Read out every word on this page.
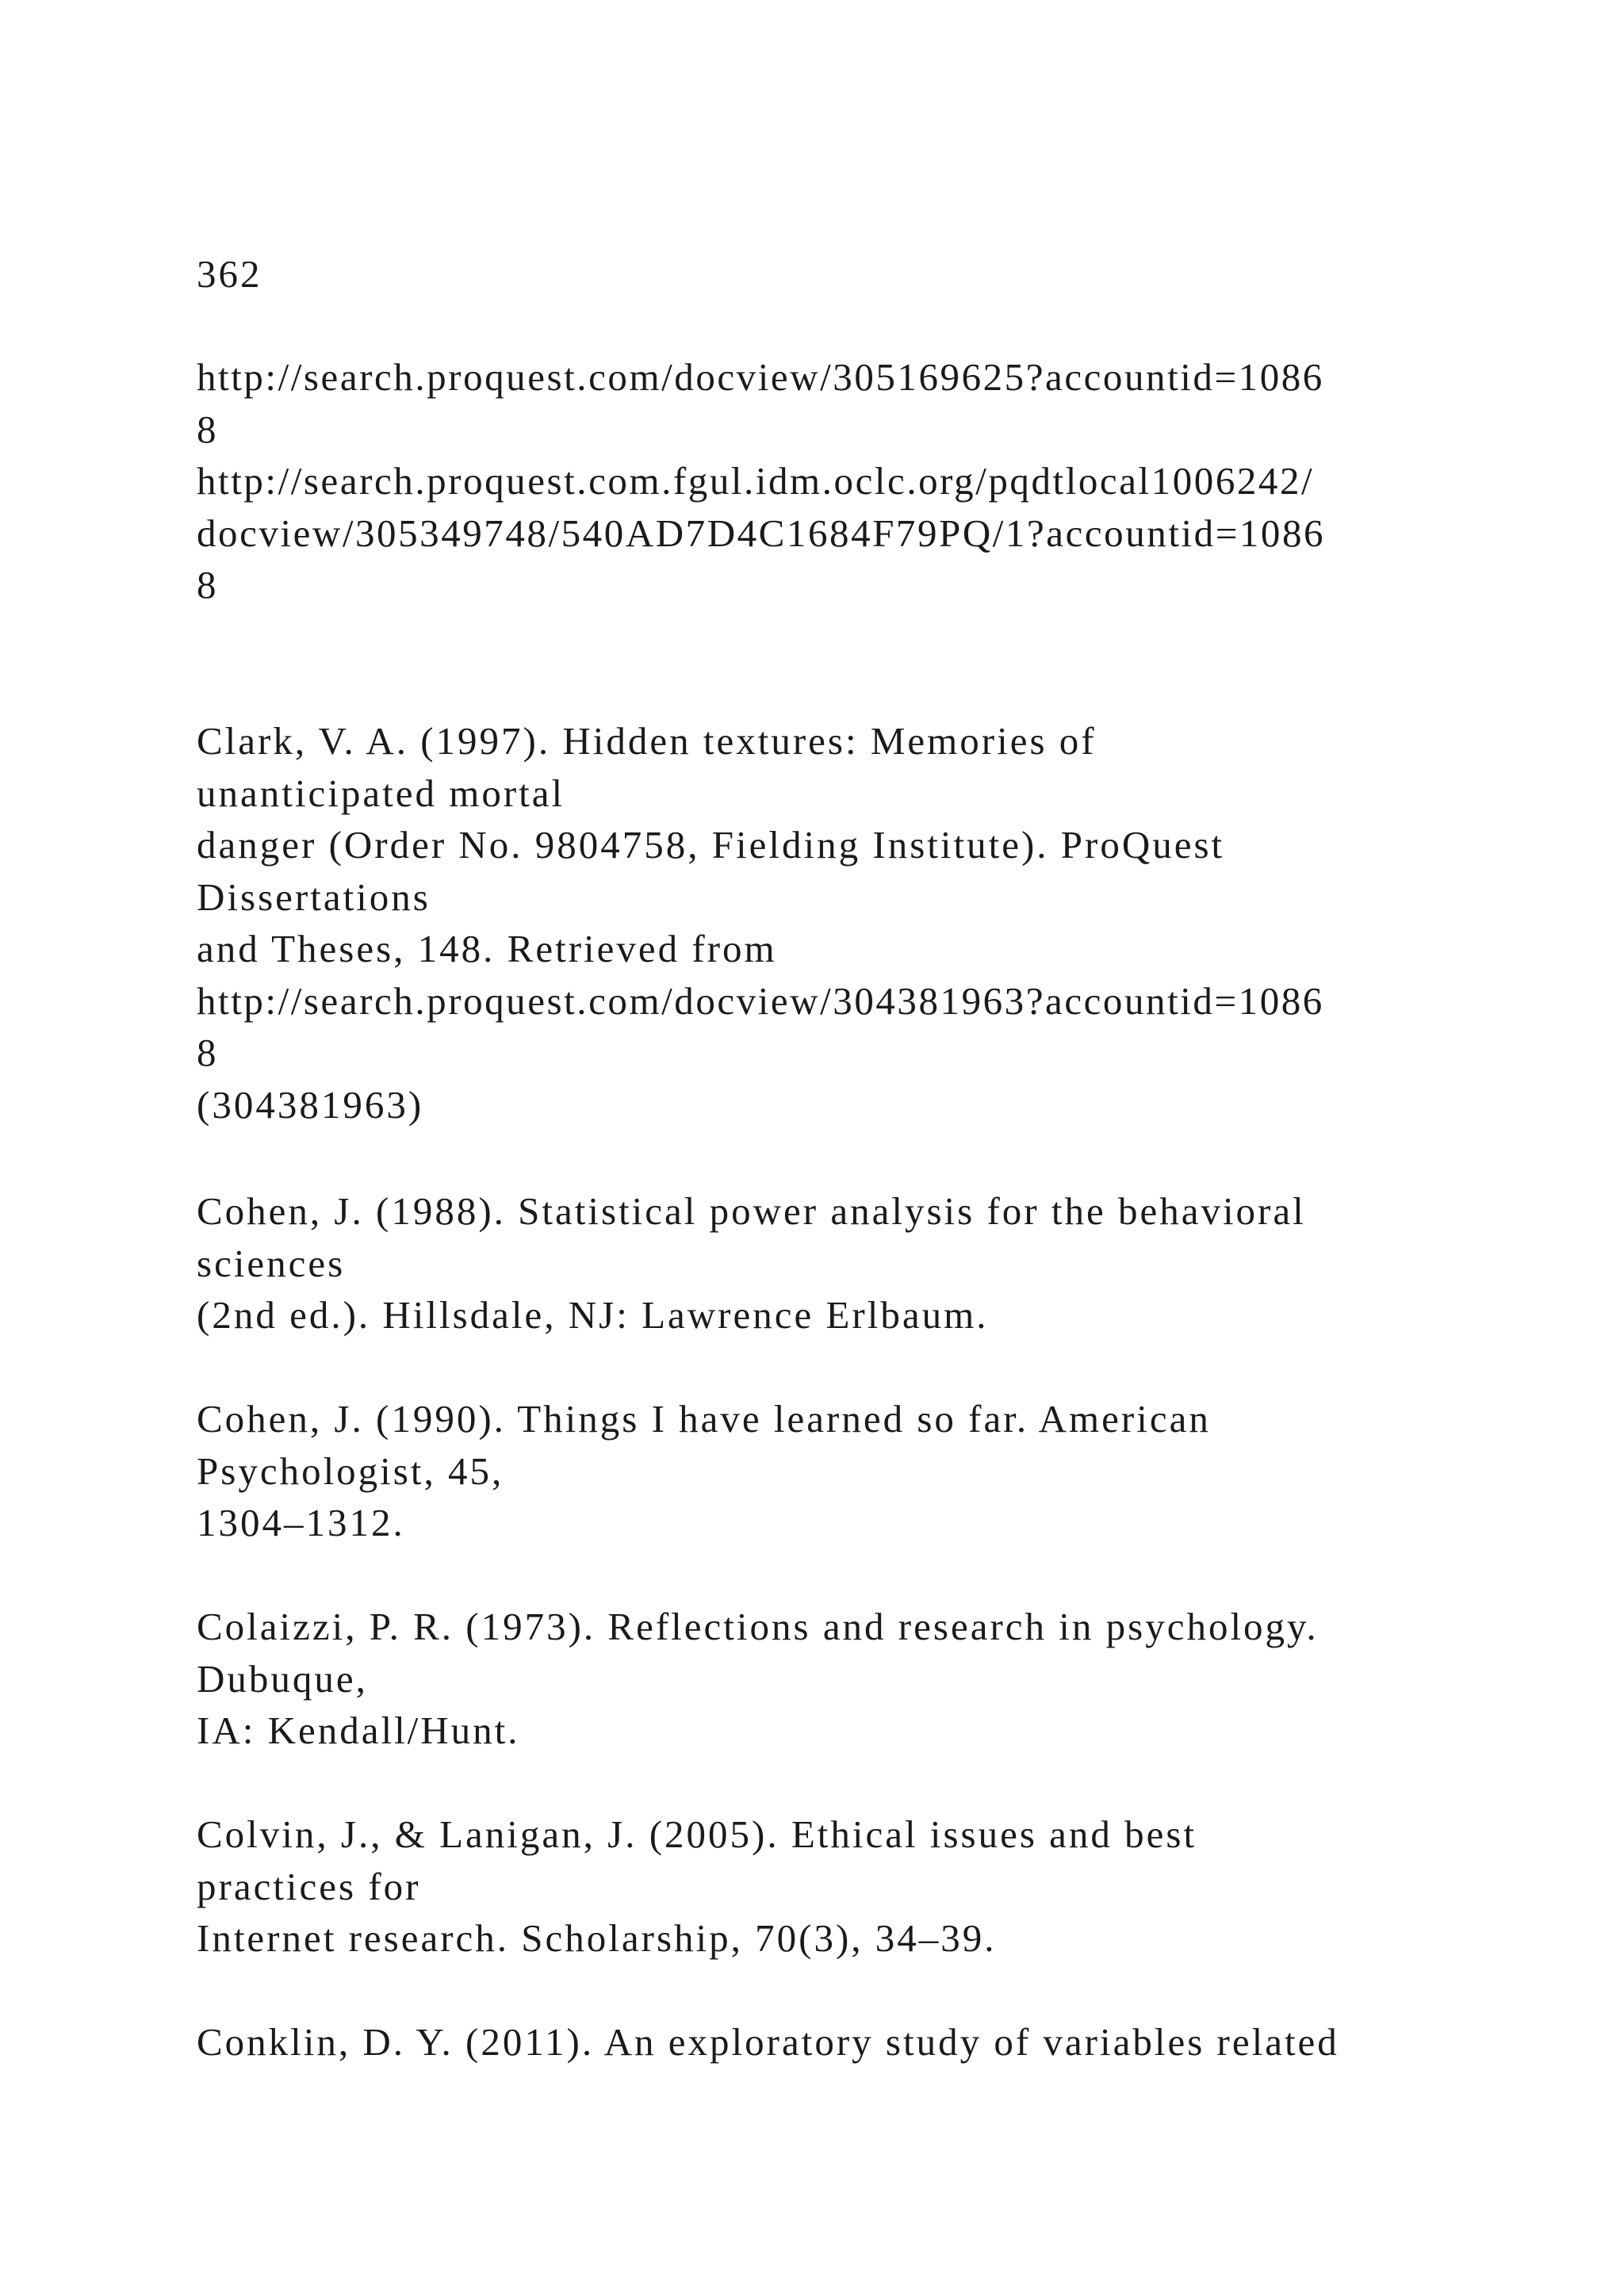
362

http://search.proquest.com/docview/305169625?accountid=1086
8
http://search.proquest.com.fgul.idm.oclc.org/pqdtlocal1006242/
docview/305349748/540AD7D4C1684F79PQ/1?accountid=1086
8

Clark, V. A. (1997). Hidden textures: Memories of
unanticipated mortal
danger (Order No. 9804758, Fielding Institute). ProQuest
Dissertations
and Theses, 148. Retrieved from
http://search.proquest.com/docview/304381963?accountid=1086
8
(304381963)

Cohen, J. (1988). Statistical power analysis for the behavioral
sciences
(2nd ed.). Hillsdale, NJ: Lawrence Erlbaum.

Cohen, J. (1990). Things I have learned so far. American
Psychologist, 45,
1304–1312.

Colaizzi, P. R. (1973). Reflections and research in psychology.
Dubuque,
IA: Kendall/Hunt.

Colvin, J., & Lanigan, J. (2005). Ethical issues and best
practices for
Internet research. Scholarship, 70(3), 34–39.

Conklin, D. Y. (2011). An exploratory study of variables related
